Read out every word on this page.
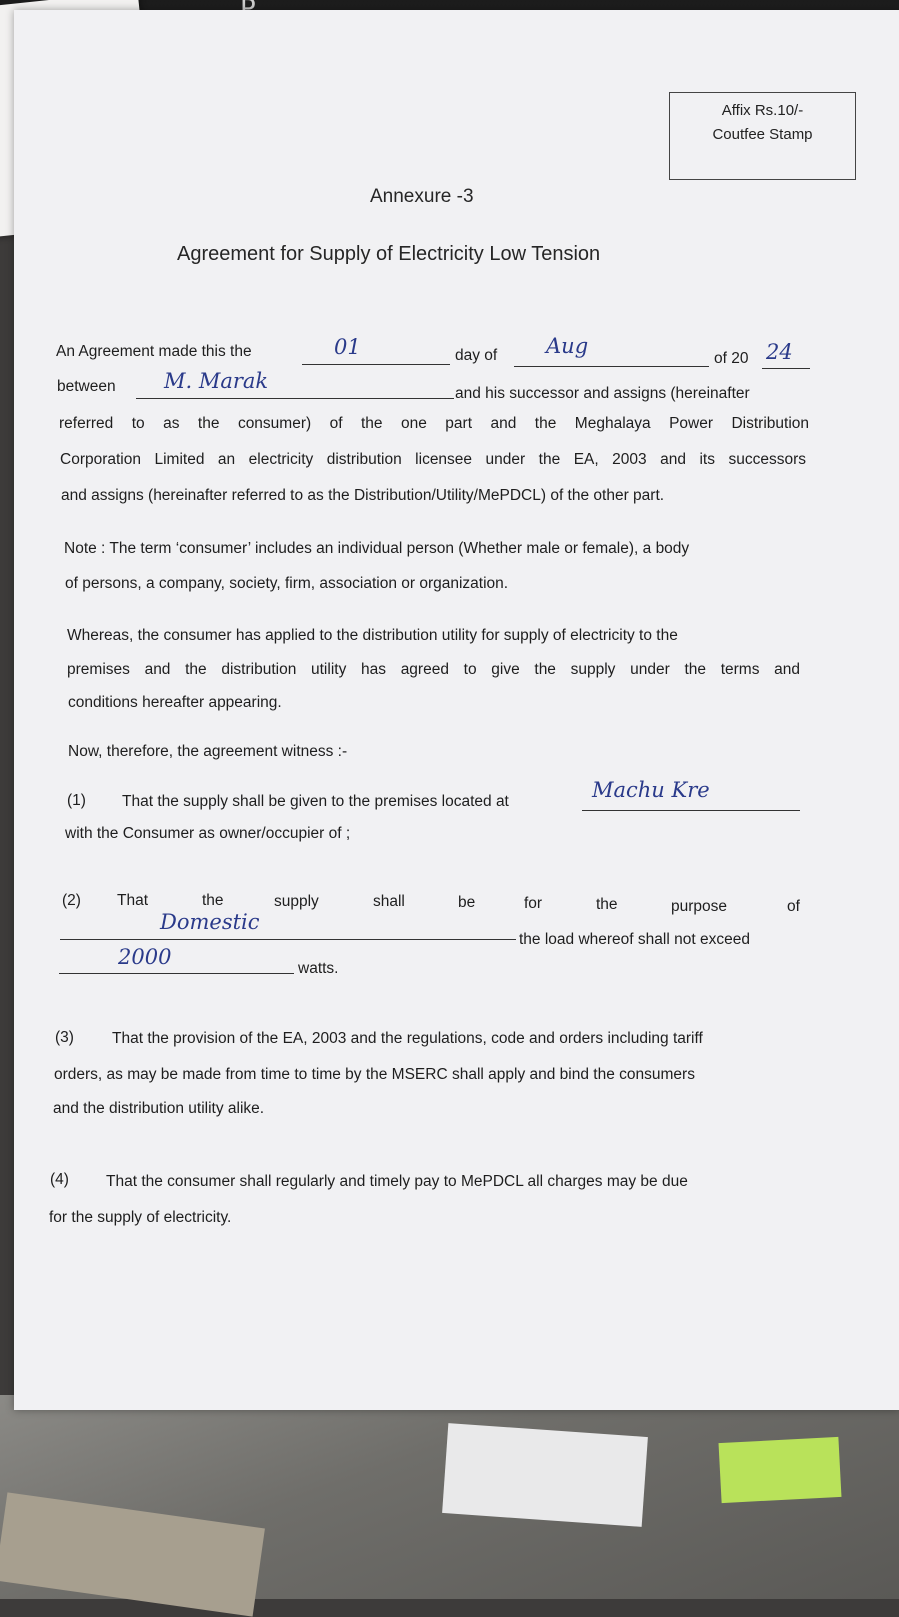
Affix Rs.10/-
Coutfee Stamp
Annexure -3
Agreement for Supply of Electricity Low Tension
An Agreement made this the	01	day of Aug
of 20 24
between M. Marak
and his successor and assigns (hereinafter
referred to as the consumer) of the one part and the Meghalaya Power Distribution
Corporation Limited an electricity distribution licensee under the EA, 2003 and its successors
and assigns (hereinafter referred to as the Distribution/Utility/MePDCL) of the other part.
Note : The term ‘consumer’ includes an individual person (Whether male or female), a body
of persons, a company, society, firm, association or organization.
Whereas, the consumer has applied to the distribution utility for supply of electricity to the
premises and the distribution utility has agreed to give the supply under the terms and
conditions hereafter appearing.
Now, therefore, the agreement witness :-
(1) That the supply shall be given to the premises located at	Machu Kre
with the Consumer as owner/occupier of ;
(2) That	the	supply	shall	be	for	the	purpose	of
Domestic
the load whereof shall not exceed
2000	watts.
(3) That the provision of the EA, 2003 and the regulations, code and orders including tariff
orders, as may be made from time to time by the MSERC shall apply and bind the consumers
and the distribution utility alike.
(4) That the consumer shall regularly and timely pay to MePDCL all charges may be due
for the supply of electricity.
